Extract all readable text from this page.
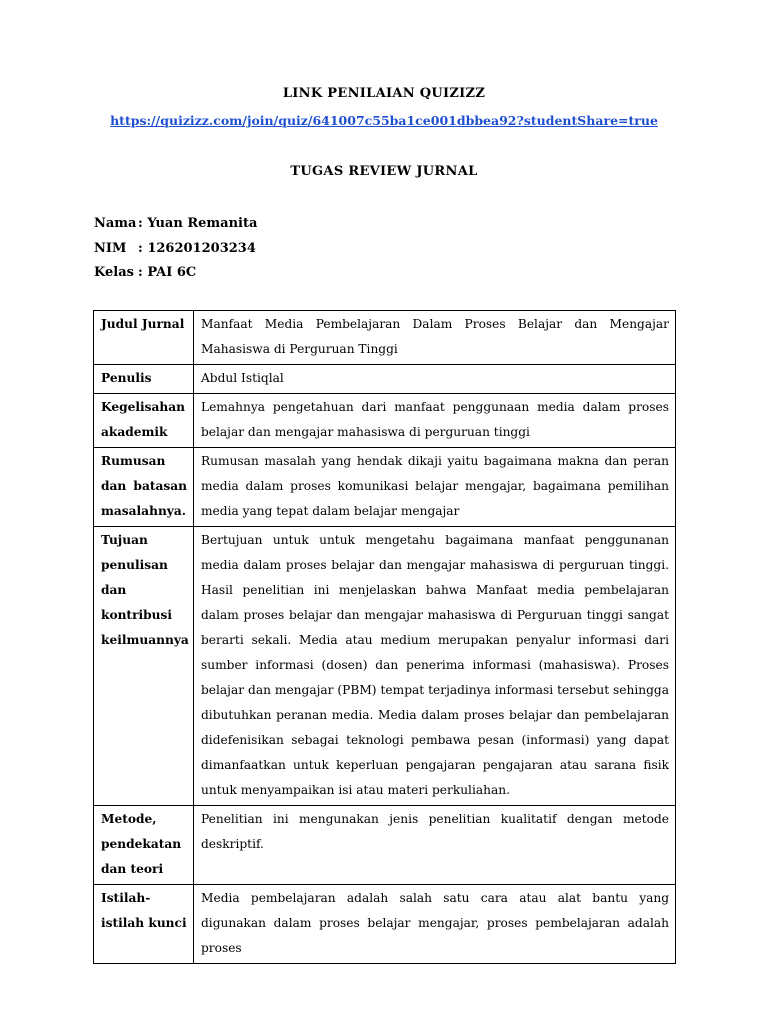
LINK PENILAIAN QUIZIZZ
https://quizizz.com/join/quiz/641007c55ba1ce001dbbea92?studentShare=true
TUGAS REVIEW JURNAL
Nama : Yuan Remanita
NIM : 126201203234
Kelas : PAI 6C
Judul Jurnal	Manfaat Media Pembelajaran Dalam Proses Belajar dan Mengajar Mahasiswa di Perguruan Tinggi
Penulis	Abdul Istiqlal
Kegelisahan akademik	Lemahnya pengetahuan dari manfaat penggunaan media dalam proses belajar dan mengajar mahasiswa di perguruan tinggi
Rumusan dan batasan masalahnya.	Rumusan masalah yang hendak dikaji yaitu bagaimana makna dan peran media dalam proses komunikasi belajar mengajar, bagaimana pemilihan media yang tepat dalam belajar mengajar
Tujuan penulisan dan kontribusi keilmuannya	Bertujuan untuk untuk mengetahu bagaimana manfaat penggunanan media dalam proses belajar dan mengajar mahasiswa di perguruan tinggi. Hasil penelitian ini menjelaskan bahwa Manfaat media pembelajaran dalam proses belajar dan mengajar mahasiswa di Perguruan tinggi sangat berarti sekali. Media atau medium merupakan penyalur informasi dari sumber informasi (dosen) dan penerima informasi (mahasiswa). Proses belajar dan mengajar (PBM) tempat terjadinya informasi tersebut sehingga dibutuhkan peranan media. Media dalam proses belajar dan pembelajaran didefenisikan sebagai teknologi pembawa pesan (informasi) yang dapat dimanfaatkan untuk keperluan pengajaran pengajaran atau sarana fisik untuk menyampaikan isi atau materi perkuliahan.
Metode, pendekatan dan teori	Penelitian ini mengunakan jenis penelitian kualitatif dengan metode deskriptif.
Istilah-istilah kunci	Media pembelajaran adalah salah satu cara atau alat bantu yang digunakan dalam proses belajar mengajar, proses pembelajaran adalah proses
